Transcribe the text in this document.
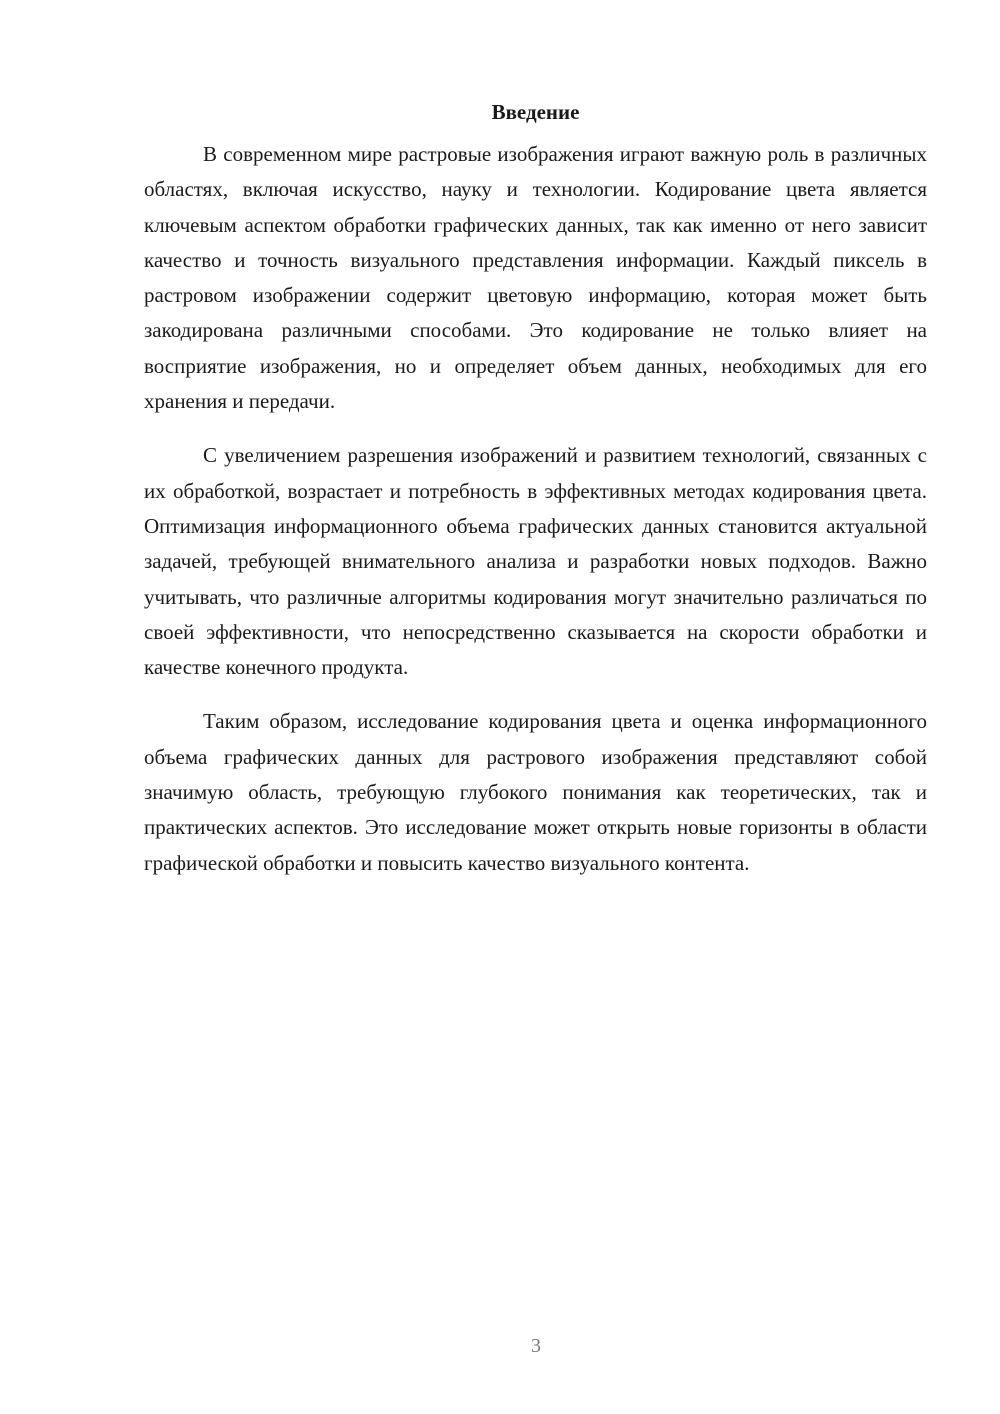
Введение

В современном мире растровые изображения играют важную роль в различных областях, включая искусство, науку и технологии. Кодирование цвета является ключевым аспектом обработки графических данных, так как именно от него зависит качество и точность визуального представления информации. Каждый пиксель в растровом изображении содержит цветовую информацию, которая может быть закодирована различными способами. Это кодирование не только влияет на восприятие изображения, но и определяет объем данных, необходимых для его хранения и передачи.

С увеличением разрешения изображений и развитием технологий, связанных с их обработкой, возрастает и потребность в эффективных методах кодирования цвета. Оптимизация информационного объема графических данных становится актуальной задачей, требующей внимательного анализа и разработки новых подходов. Важно учитывать, что различные алгоритмы кодирования могут значительно различаться по своей эффективности, что непосредственно сказывается на скорости обработки и качестве конечного продукта.

Таким образом, исследование кодирования цвета и оценка информационного объема графических данных для растрового изображения представляют собой значимую область, требующую глубокого понимания как теоретических, так и практических аспектов. Это исследование может открыть новые горизонты в области графической обработки и повысить качество визуального контента.

3
